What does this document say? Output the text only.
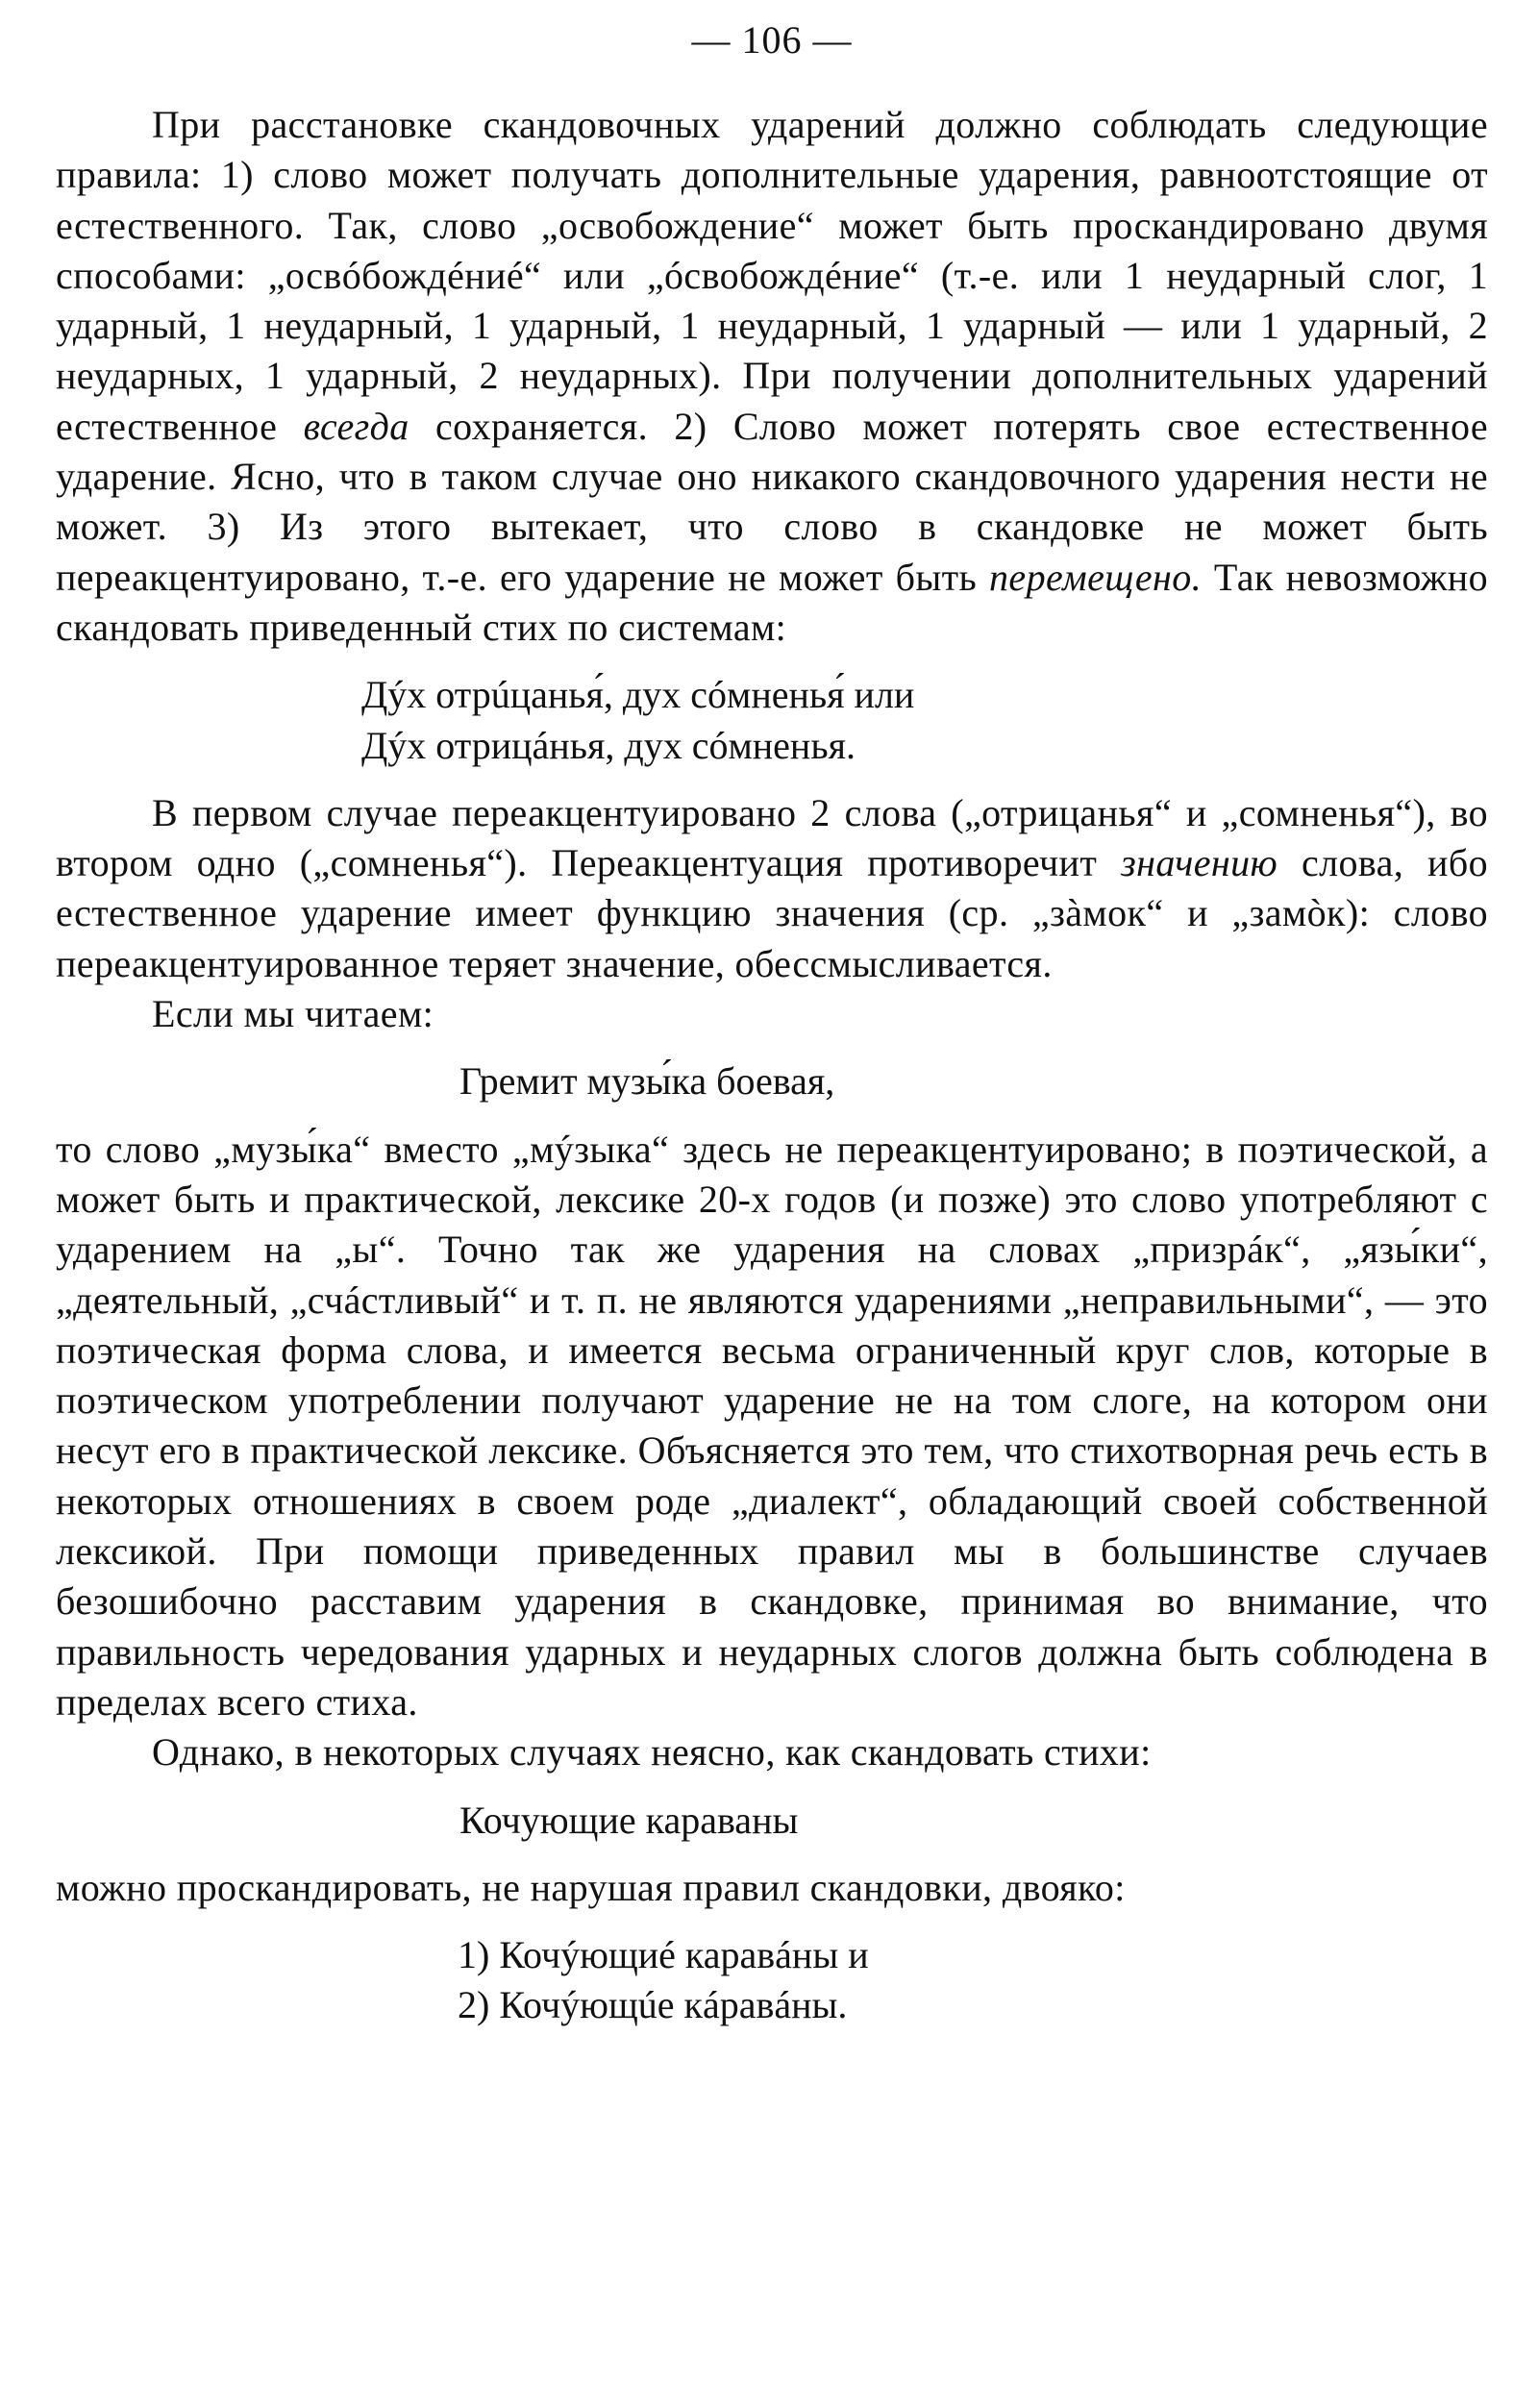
— 106 —

При расстановке скандовочных ударений должно соблюдать следующие правила: 1) слово может получать дополнительные ударения, равноотстоящие от естественного. Так, слово „освобождение“ может быть проскандировано двумя способами: „освóбождéниé“ или „óсвобождéние“ (т.-е. или 1 неударный слог, 1 ударный, 1 неударный, 1 ударный, 1 неударный, 1 ударный — или 1 ударный, 2 неударных, 1 ударный, 2 неударных). При получении дополнительных ударений естественное всегда сохраняется. 2) Слово может потерять свое естественное ударение. Ясно, что в таком случае оно никакого скандовочного ударения нести не может. 3) Из этого вытекает, что слово в скандовке не может быть переакцентуировано, т.-е. его ударение не может быть перемещено. Так невозможно скандовать приведенный стих по системам:

Дýх отрúцанья́, дух сóмненья́ или
Дýх отрицáнья, дух сóмненья.

В первом случае переакцентуировано 2 слова („отрицанья“ и „сомненья“), во втором одно („сомненья“). Переакцентуация противоречит значению слова, ибо естественное ударение имеет функцию значения (ср. „зàмок“ и „замòк): слово переакцентуированное теряет значение, обессмысливается.

Если мы читаем:

Гремит музы́ка боевая,

то слово „музы́ка“ вместо „мýзыка“ здесь не переакцентуировано; в поэтической, а может быть и практической, лексике 20-х годов (и позже) это слово употребляют с ударением на „ы“. Точно так же ударения на словах „призрáк“, „язы́ки“, „деятельный, „счáстливый“ и т. п. не являются ударениями „неправильными“, — это поэтическая форма слова, и имеется весьма ограниченный круг слов, которые в поэтическом употреблении получают ударение не на том слоге, на котором они несут его в практической лексике. Объясняется это тем, что стихотворная речь есть в некоторых отношениях в своем роде „диалект“, обладающий своей собственной лексикой. При помощи приведенных правил мы в большинстве случаев безошибочно расставим ударения в скандовке, принимая во внимание, что правильность чередования ударных и неударных слогов должна быть соблюдена в пределах всего стиха.

Однако, в некоторых случаях неясно, как скандовать стихи:

Кочующие караваны

можно проскандировать, не нарушая правил скандовки, двояко:

1) Кочýющиé каравáны и
2) Кочýющúе кáравáны.
